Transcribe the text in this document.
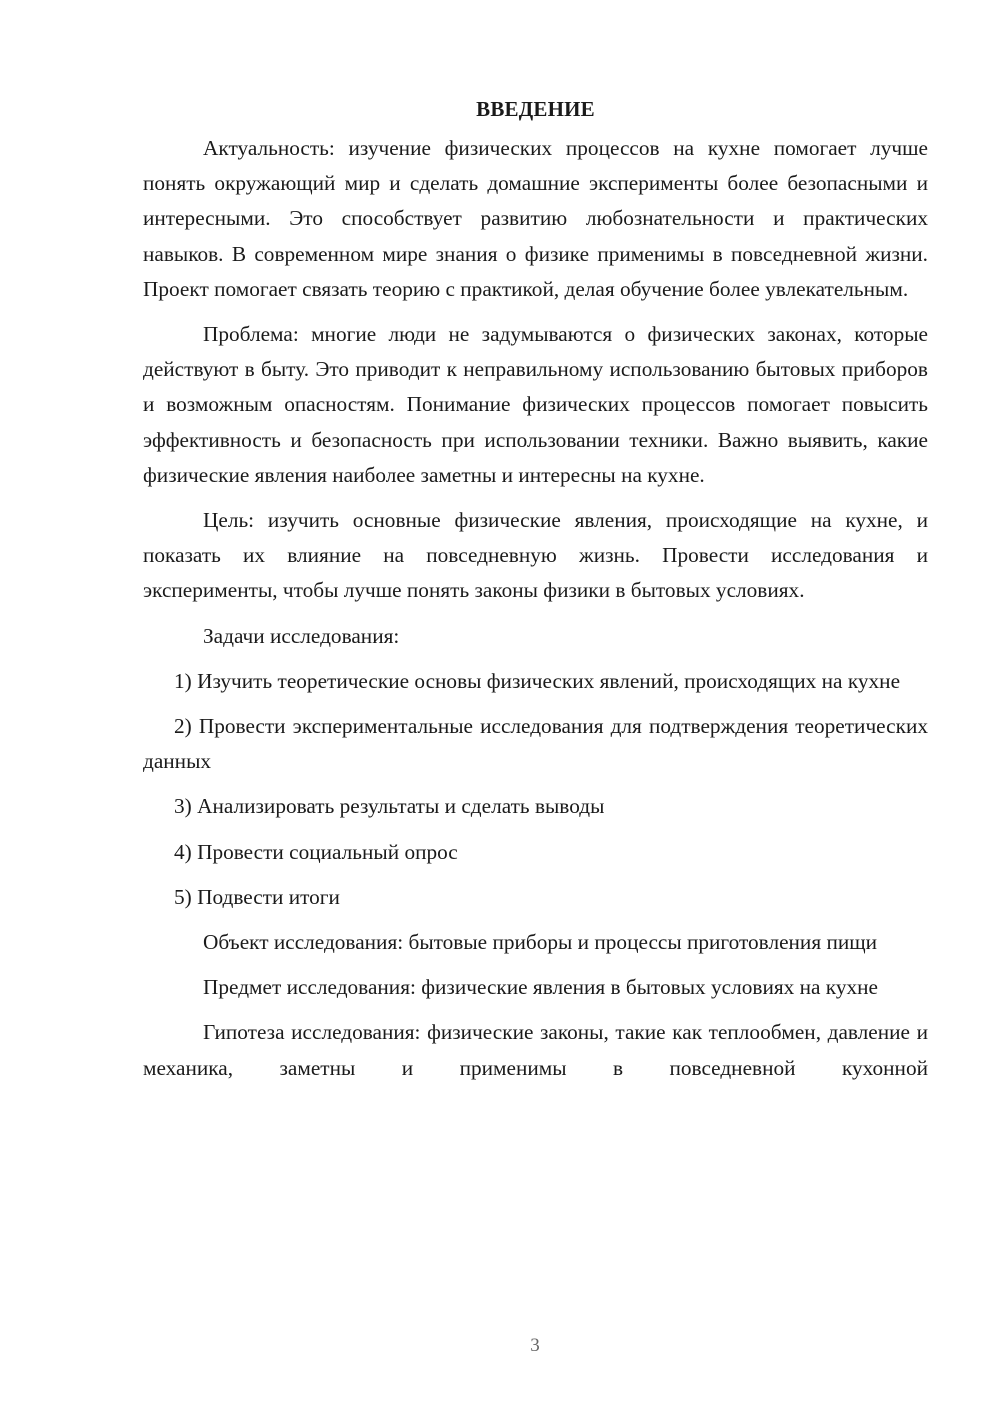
ВВЕДЕНИЕ

Актуальность: изучение физических процессов на кухне помогает лучше понять окружающий мир и сделать домашние эксперименты более безопасными и интересными. Это способствует развитию любознательности и практических навыков. В современном мире знания о физике применимы в повседневной жизни. Проект помогает связать теорию с практикой, делая обучение более увлекательным.

Проблема: многие люди не задумываются о физических законах, которые действуют в быту. Это приводит к неправильному использованию бытовых приборов и возможным опасностям. Понимание физических процессов помогает повысить эффективность и безопасность при использовании техники. Важно выявить, какие физические явления наиболее заметны и интересны на кухне.

Цель: изучить основные физические явления, происходящие на кухне, и показать их влияние на повседневную жизнь. Провести исследования и эксперименты, чтобы лучше понять законы физики в бытовых условиях.

Задачи исследования:

1) Изучить теоретические основы физических явлений, происходящих на кухне

2) Провести экспериментальные исследования для подтверждения теоретических данных

3) Анализировать результаты и сделать выводы

4) Провести социальный опрос

5) Подвести итоги

Объект исследования: бытовые приборы и процессы приготовления пищи

Предмет исследования: физические явления в бытовых условиях на кухне

Гипотеза исследования: физические законы, такие как теплообмен, давление и механика, заметны и применимы в повседневной кухонной

3
